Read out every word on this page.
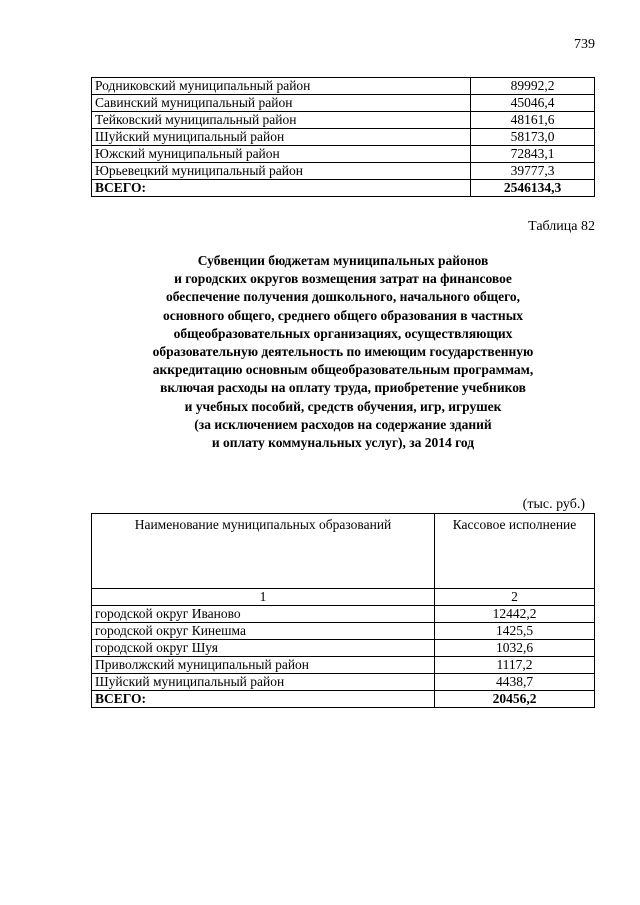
739
Родниковский муниципальный район	89992,2
Савинский муниципальный район	45046,4
Тейковский муниципальный район	48161,6
Шуйский муниципальный район	58173,0
Южский муниципальный район	72843,1
Юрьевецкий муниципальный район	39777,3
ВСЕГО:	2546134,3
Таблица 82
Субвенции бюджетам муниципальных районов
и городских округов возмещения затрат на финансовое
обеспечение получения дошкольного, начального общего,
основного общего, среднего общего образования в частных
общеобразовательных организациях, осуществляющих
образовательную деятельность по имеющим государственную
аккредитацию основным общеобразовательным программам,
включая расходы на оплату труда, приобретение учебников
и учебных пособий, средств обучения, игр, игрушек
(за исключением расходов на содержание зданий
и оплату коммунальных услуг), за 2014 год
(тыс. руб.)
Наименование муниципальных образований	Кассовое исполнение
1	2
городской округ Иваново	12442,2
городской округ Кинешма	1425,5
городской округ Шуя	1032,6
Приволжский муниципальный район	1117,2
Шуйский муниципальный район	4438,7
ВСЕГО:	20456,2
